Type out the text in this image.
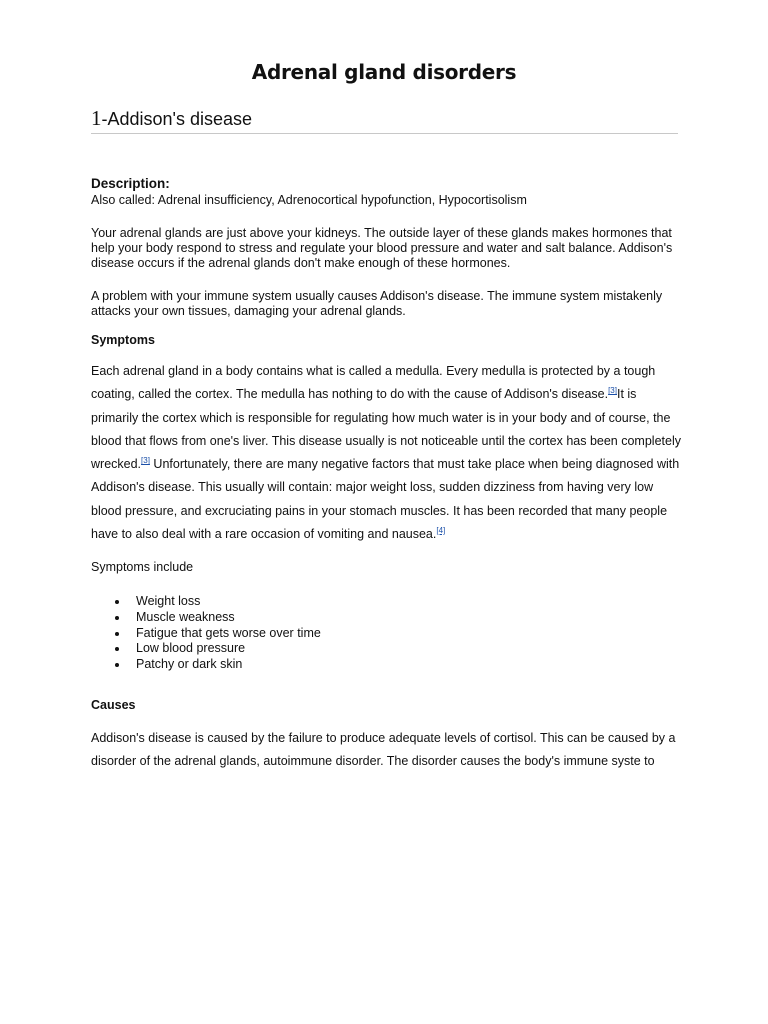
Adrenal gland disorders
1-Addison's disease
Description:
Also called: Adrenal insufficiency, Adrenocortical hypofunction, Hypocortisolism
Your adrenal glands are just above your kidneys. The outside layer of these glands makes hormones that help your body respond to stress and regulate your blood pressure and water and salt balance. Addison's disease occurs if the adrenal glands don't make enough of these hormones.
A problem with your immune system usually causes Addison's disease. The immune system mistakenly attacks your own tissues, damaging your adrenal glands.
Symptoms
Each adrenal gland in a body contains what is called a medulla. Every medulla is protected by a tough coating, called the cortex. The medulla has nothing to do with the cause of Addison's disease.[3]It is primarily the cortex which is responsible for regulating how much water is in your body and of course, the blood that flows from one's liver. This disease usually is not noticeable until the cortex has been completely wrecked.[3] Unfortunately, there are many negative factors that must take place when being diagnosed with Addison's disease. This usually will contain: major weight loss, sudden dizziness from having very low blood pressure, and excruciating pains in your stomach muscles. It has been recorded that many people have to also deal with a rare occasion of vomiting and nausea.[4]
Symptoms include
Weight loss
Muscle weakness
Fatigue that gets worse over time
Low blood pressure
Patchy or dark skin
Causes
Addison's disease is caused by the failure to produce adequate levels of cortisol. This can be caused by a disorder of the adrenal glands, autoimmune disorder. The disorder causes the body's immune syste to
